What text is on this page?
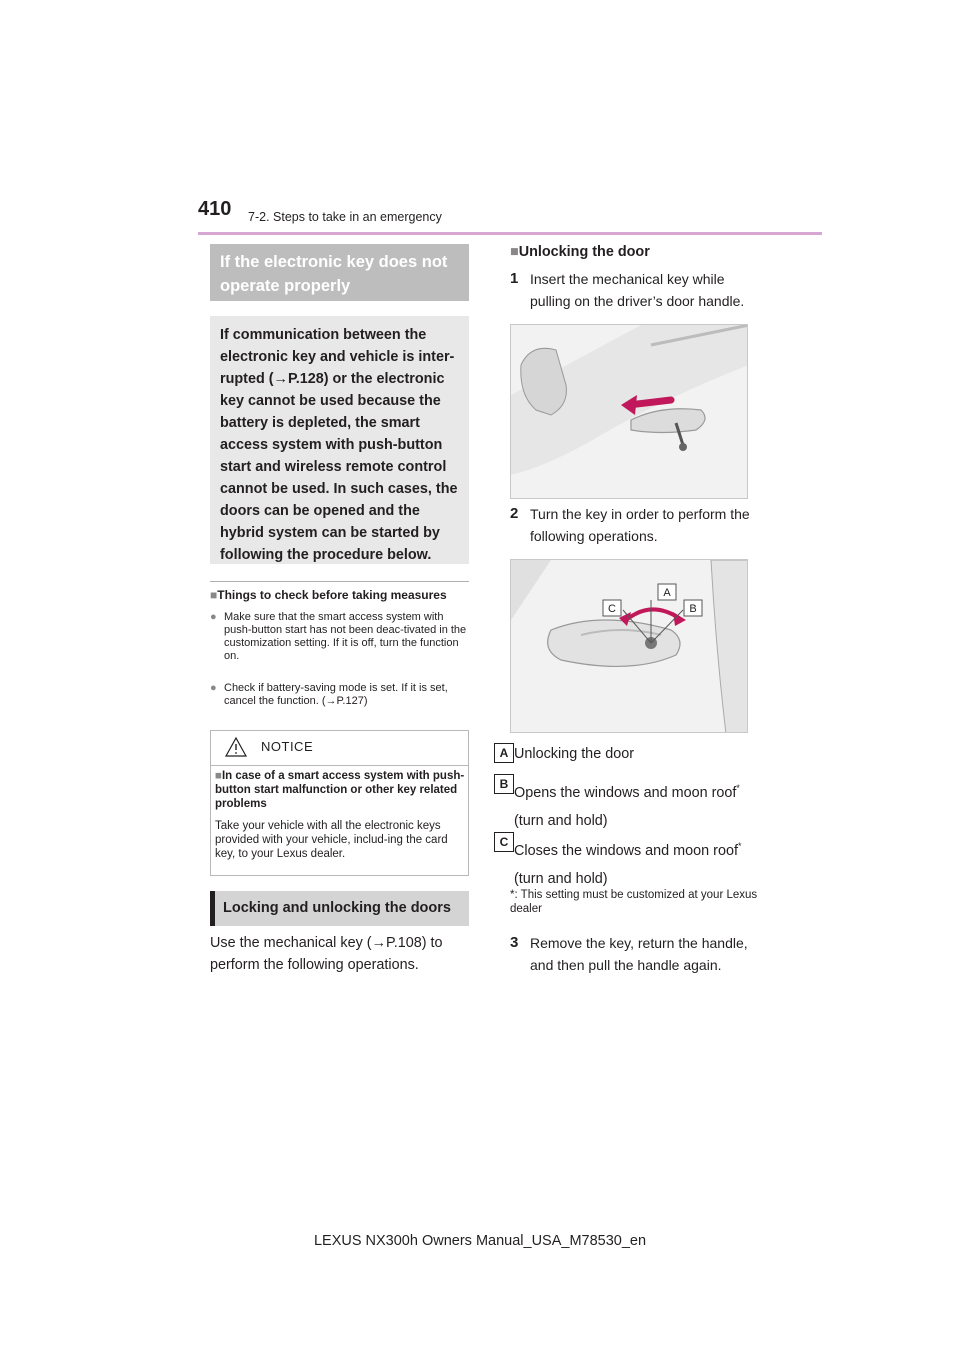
410 7-2. Steps to take in an emergency
If the electronic key does not operate properly

If communication between the electronic key and vehicle is inter-rupted (→P.128) or the electronic key cannot be used because the battery is depleted, the smart access system with push-button start and wireless remote control cannot be used. In such cases, the doors can be opened and the hybrid system can be started by following the procedure below.

■Things to check before taking measures
● Make sure that the smart access system with push-button start has not been deac-tivated in the customization setting. If it is off, turn the function on.
● Check if battery-saving mode is set. If it is set, cancel the function. (→P.127)
NOTICE
■In case of a smart access system with push-button start malfunction or other key related problems
Take your vehicle with all the electronic keys provided with your vehicle, includ-ing the card key, to your Lexus dealer.
Locking and unlocking the doors
Use the mechanical key (→P.108) to perform the following operations.
■Unlocking the door
1 Insert the mechanical key while pulling on the driver’s door handle.
2 Turn the key in order to perform the following operations.
C
A
B
A Unlocking the door
B
Opens the windows and moon roof* (turn and hold)
C
Closes the windows and moon roof* (turn and hold)
*: This setting must be customized at your Lexus dealer
3 Remove the key, return the handle, and then pull the handle again.
LEXUS NX300h Owners Manual_USA_M78530_en
